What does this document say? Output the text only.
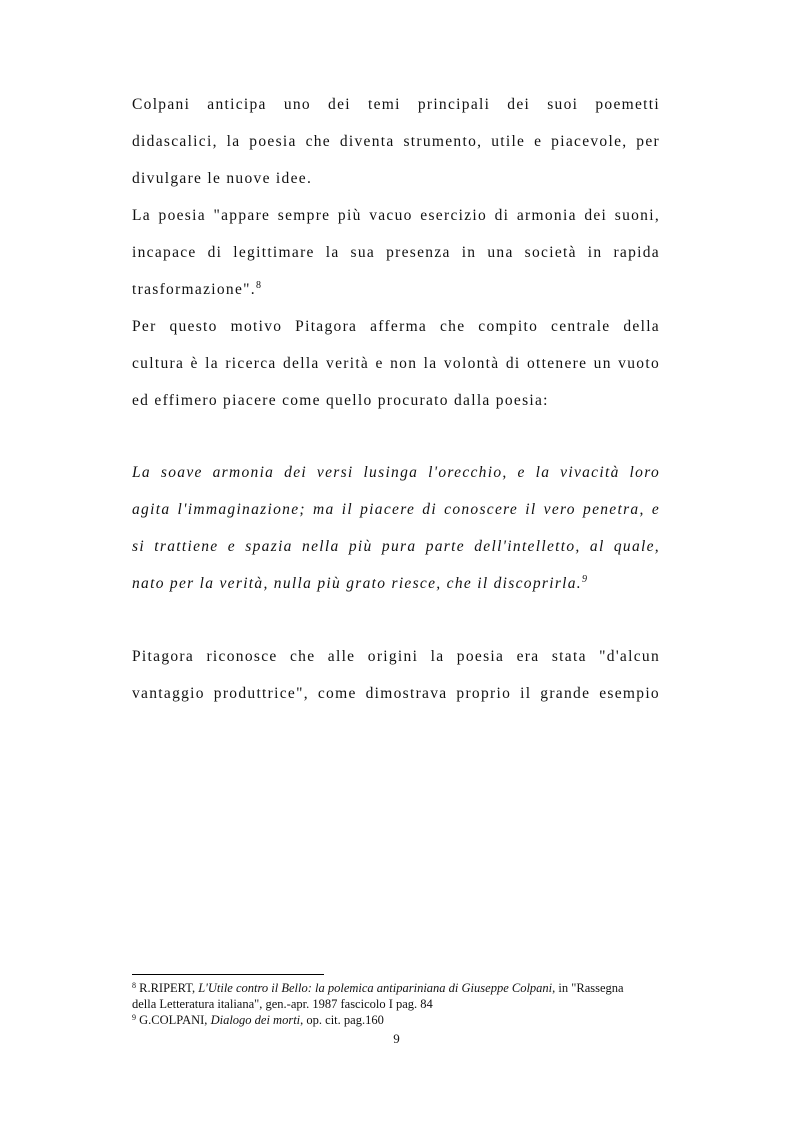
Colpani anticipa uno dei temi principali dei suoi poemetti
didascalici, la poesia che diventa strumento, utile e piacevole, per
divulgare le nuove idee.
La poesia "appare sempre più vacuo esercizio di armonia dei suoni,
incapace di legittimare la sua presenza in una società in rapida
trasformazione".$^8$
Per questo motivo Pitagora afferma che compito centrale della
cultura è la ricerca della verità e non la volontà di ottenere un vuoto
ed effimero piacere come quello procurato dalla poesia:
La soave armonia dei versi lusinga l'orecchio, e la vivacità loro
agita l'immaginazione; ma il piacere di conoscere il vero penetra, e
si trattiene e spazia nella più pura parte dell'intelletto, al quale,
nato per la verità, nulla più grato riesce, che il discoprirla.$^9$
Pitagora riconosce che alle origini la poesia era stata "d'alcun
vantaggio produttrice", come dimostrava proprio il grande esempio
$^8$ R.RIPERT, L'Utile contro il Bello: la polemica antipariniana di Giuseppe Colpani, in "Rassegna
della Letteratura italiana", gen.-apr. 1987 fascicolo I pag. 84
$^9$ G.COLPANI, Dialogo dei morti, op. cit. pag.160
9
